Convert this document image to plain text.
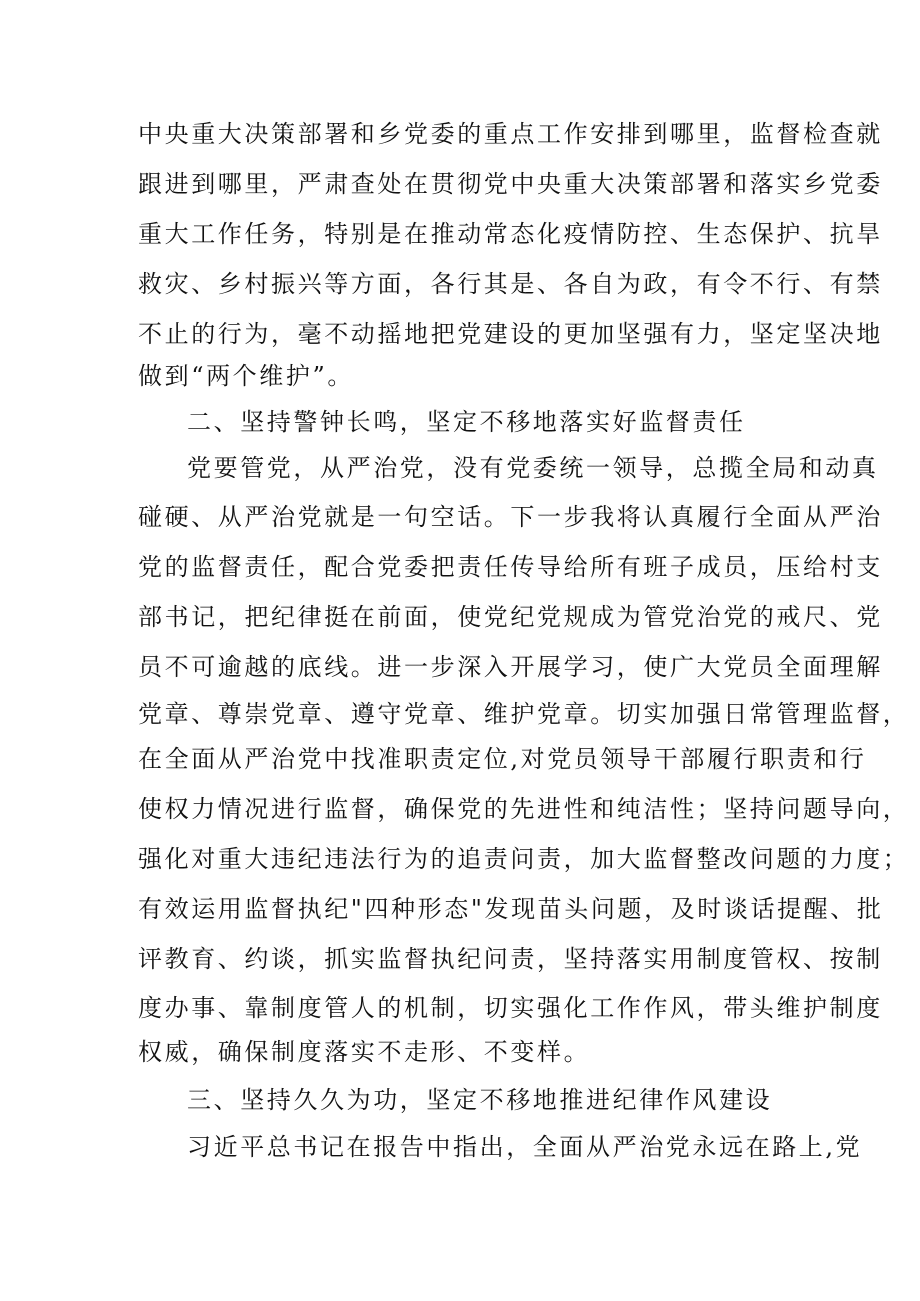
中央重大决策部署和乡党委的重点工作安排到哪里，监督检查就
跟进到哪里，严肃查处在贯彻党中央重大决策部署和落实乡党委
重大工作任务，特别是在推动常态化疫情防控、生态保护、抗旱
救灾、乡村振兴等方面，各行其是、各自为政，有令不行、有禁
不止的行为，毫不动摇地把党建设的更加坚强有力，坚定坚决地
做到“两个维护”。
二、坚持警钟长鸣，坚定不移地落实好监督责任
党要管党，从严治党，没有党委统一领导，总揽全局和动真
碰硬、从严治党就是一句空话。下一步我将认真履行全面从严治
党的监督责任，配合党委把责任传导给所有班子成员，压给村支
部书记，把纪律挺在前面，使党纪党规成为管党治党的戒尺、党
员不可逾越的底线。进一步深入开展学习，使广大党员全面理解
党章、尊崇党章、遵守党章、维护党章。切实加强日常管理监督，
在全面从严治党中找准职责定位,对党员领导干部履行职责和行
使权力情况进行监督，确保党的先进性和纯洁性；坚持问题导向，
强化对重大违纪违法行为的追责问责，加大监督整改问题的力度；
有效运用监督执纪"四种形态"发现苗头问题，及时谈话提醒、批
评教育、约谈，抓实监督执纪问责，坚持落实用制度管权、按制
度办事、靠制度管人的机制，切实强化工作作风，带头维护制度
权威，确保制度落实不走形、不变样。
三、坚持久久为功，坚定不移地推进纪律作风建设
习近平总书记在报告中指出，全面从严治党永远在路上,党
